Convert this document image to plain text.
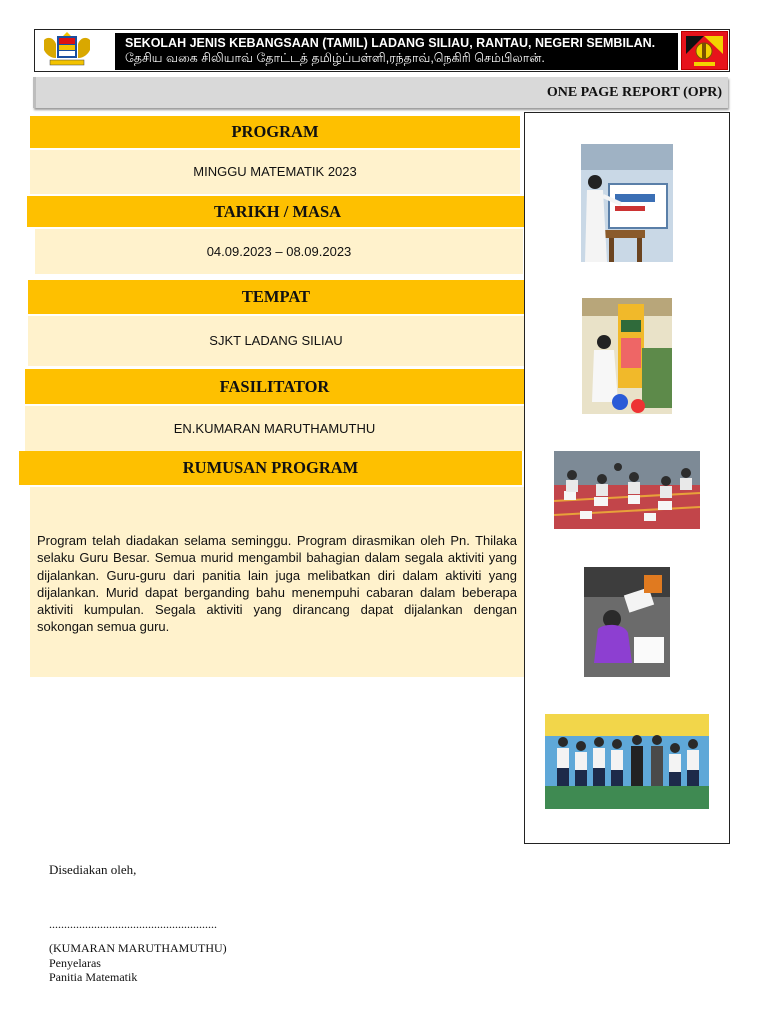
SEKOLAH JENIS KEBANGSAAN (TAMIL) LADANG SILIAU, RANTAU, NEGERI SEMBILAN.
தேசிய வகை சிலியாவ் தோட்டத் தமிழ்ப்பள்ளி,ரந்தாவ்,நெகிரி செம்பிலான்.
ONE PAGE REPORT (OPR)
PROGRAM
MINGGU MATEMATIK 2023
TARIKH / MASA
04.09.2023 – 08.09.2023
TEMPAT
SJKT LADANG SILIAU
FASILITATOR
EN.KUMARAN MARUTHAMUTHU
RUMUSAN PROGRAM
Program telah diadakan selama seminggu. Program dirasmikan oleh Pn. Thilaka selaku Guru Besar. Semua murid mengambil bahagian dalam segala aktiviti yang dijalankan. Guru-guru dari panitia lain juga melibatkan diri dalam aktiviti yang dijalankan. Murid dapat berganding bahu menempuhi cabaran dalam beberapa aktiviti kumpulan. Segala aktiviti yang dirancang dapat dijalankan dengan sokongan semua guru.
Disediakan oleh,
........................................................
(KUMARAN MARUTHAMUTHU)
Penyelaras
Panitia Matematik
